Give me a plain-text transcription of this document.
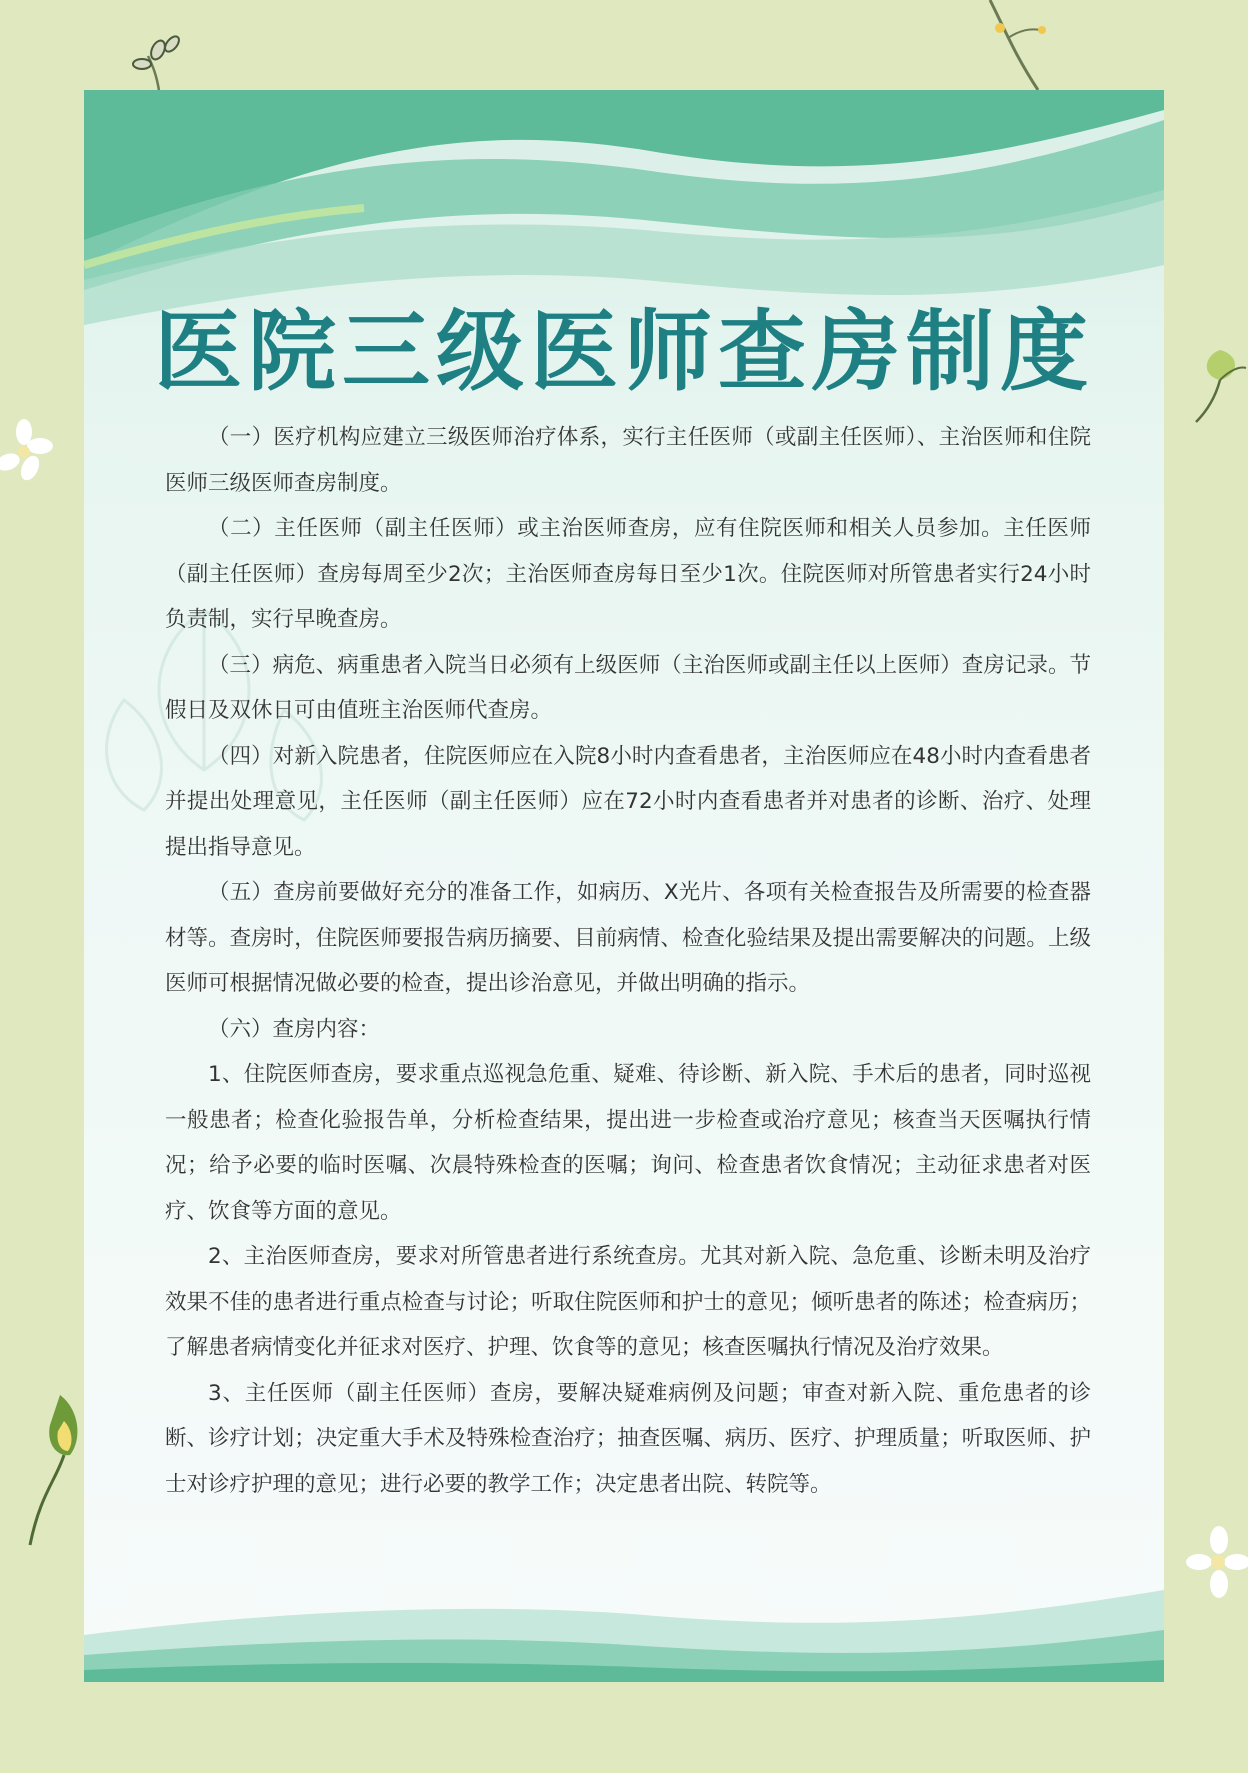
医院三级医师查房制度

（一）医疗机构应建立三级医师治疗体系，实行主任医师（或副主任医师）、主治医师和住院医师三级医师查房制度。

（二）主任医师（副主任医师）或主治医师查房，应有住院医师和相关人员参加。主任医师（副主任医师）查房每周至少2次；主治医师查房每日至少1次。住院医师对所管患者实行24小时负责制，实行早晚查房。

（三）病危、病重患者入院当日必须有上级医师（主治医师或副主任以上医师）查房记录。节假日及双休日可由值班主治医师代查房。

（四）对新入院患者，住院医师应在入院8小时内查看患者，主治医师应在48小时内查看患者并提出处理意见，主任医师（副主任医师）应在72小时内查看患者并对患者的诊断、治疗、处理提出指导意见。

（五）查房前要做好充分的准备工作，如病历、X光片、各项有关检查报告及所需要的检查器材等。查房时，住院医师要报告病历摘要、目前病情、检查化验结果及提出需要解决的问题。上级医师可根据情况做必要的检查，提出诊治意见，并做出明确的指示。

（六）查房内容：

1、住院医师查房，要求重点巡视急危重、疑难、待诊断、新入院、手术后的患者，同时巡视一般患者；检查化验报告单，分析检查结果，提出进一步检查或治疗意见；核查当天医嘱执行情况；给予必要的临时医嘱、次晨特殊检查的医嘱；询问、检查患者饮食情况；主动征求患者对医疗、饮食等方面的意见。

2、主治医师查房，要求对所管患者进行系统查房。尤其对新入院、急危重、诊断未明及治疗效果不佳的患者进行重点检查与讨论；听取住院医师和护士的意见；倾听患者的陈述；检查病历；了解患者病情变化并征求对医疗、护理、饮食等的意见；核查医嘱执行情况及治疗效果。

3、主任医师（副主任医师）查房，要解决疑难病例及问题；审查对新入院、重危患者的诊断、诊疗计划；决定重大手术及特殊检查治疗；抽查医嘱、病历、医疗、护理质量；听取医师、护士对诊疗护理的意见；进行必要的教学工作；决定患者出院、转院等。
